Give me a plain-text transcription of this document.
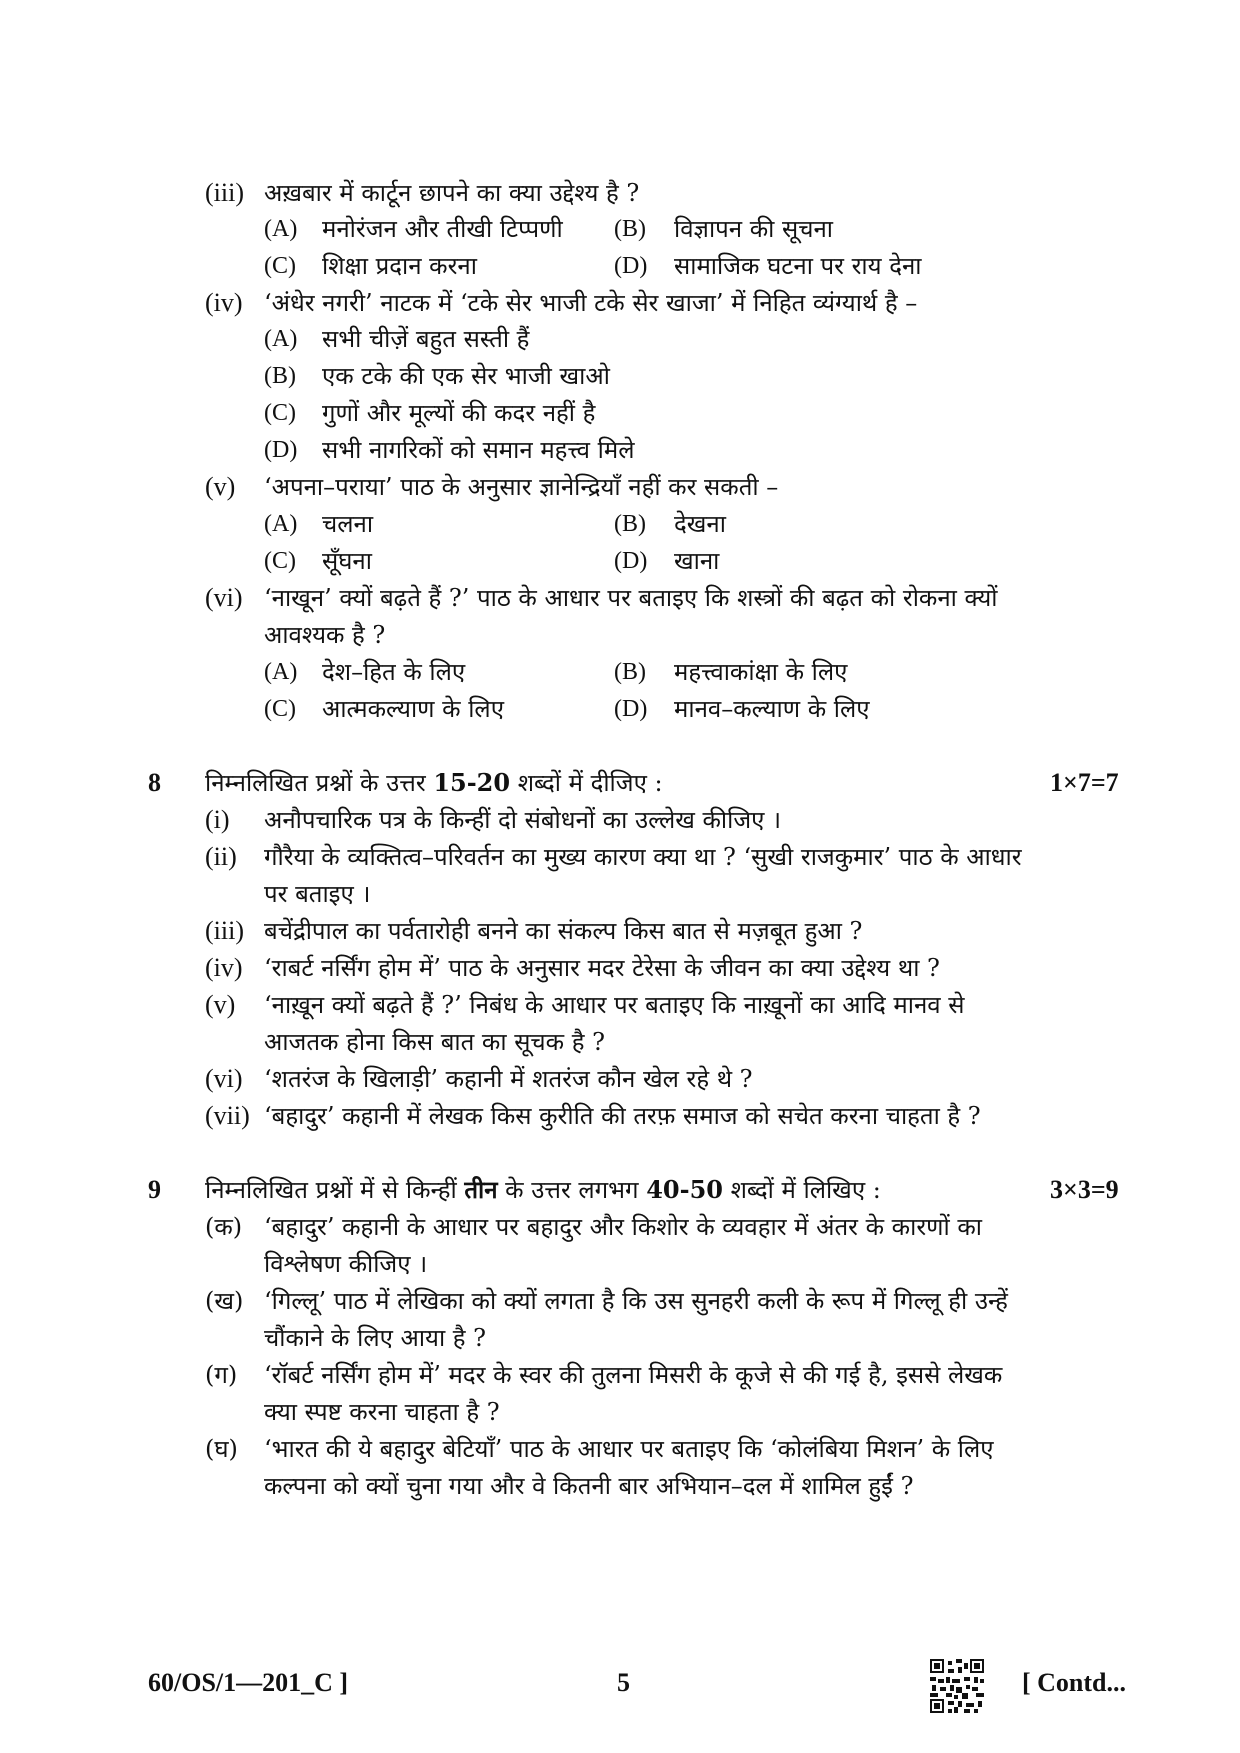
(iii) अख़बार में कार्टून छापने का क्या उद्देश्य है ?
(A) मनोरंजन और तीखी टिप्पणी (B) विज्ञापन की सूचना
(C) शिक्षा प्रदान करना	(D) सामाजिक घटना पर राय देना
(iv) ‘अंधेर नगरी’ नाटक में ‘टके सेर भाजी टके सेर खाजा’ में निहित व्यंग्यार्थ है –
(A) सभी चीज़ें बहुत सस्ती हैं
(B) एक टके की एक सेर भाजी खाओ
(C) गुणों और मूल्यों की कदर नहीं है
(D) सभी नागरिकों को समान महत्त्व मिले
(v) ‘अपना–पराया’ पाठ के अनुसार ज्ञानेन्द्रियाँ नहीं कर सकती –
(A) चलना	(B) देखना
(C) सूँघना	(D) खाना
(vi) ‘नाखून’ क्यों बढ़ते हैं ?’ पाठ के आधार पर बताइए कि शस्त्रों की बढ़त को रोकना क्यों
आवश्यक है ?
(A) देश–हित के लिए	(B) महत्त्वाकांक्षा के लिए
(C) आत्मकल्याण के लिए	(D) मानव–कल्याण के लिए
8 निम्नलिखित प्रश्नों के उत्तर 15-20 शब्दों में दीजिए :	1×7=7
(i) अनौपचारिक पत्र के किन्हीं दो संबोधनों का उल्लेख कीजिए ।
(ii) गौरैया के व्यक्तित्व–परिवर्तन का मुख्य कारण क्या था ? ‘सुखी राजकुमार’ पाठ के आधार
पर बताइए ।
(iii) बचेंद्रीपाल का पर्वतारोही बनने का संकल्प किस बात से मज़बूत हुआ ?
(iv) ‘राबर्ट नर्सिंग होम में’ पाठ के अनुसार मदर टेरेसा के जीवन का क्या उद्देश्य था ?
(v) ‘नाख़ून क्यों बढ़ते हैं ?’ निबंध के आधार पर बताइए कि नाख़ूनों का आदि मानव से
आजतक होना किस बात का सूचक है ?
(vi) ‘शतरंज के खिलाड़ी’ कहानी में शतरंज कौन खेल रहे थे ?
(vii) ‘बहादुर’ कहानी में लेखक किस कुरीति की तरफ़ समाज को सचेत करना चाहता है ?
9 निम्नलिखित प्रश्नों में से किन्हीं तीन के उत्तर लगभग 40-50 शब्दों में लिखिए :	3×3=9
(क) ‘बहादुर’ कहानी के आधार पर बहादुर और किशोर के व्यवहार में अंतर के कारणों का
विश्लेषण कीजिए ।
(ख) ‘गिल्लू’ पाठ में लेखिका को क्यों लगता है कि उस सुनहरी कली के रूप में गिल्लू ही उन्हें
चौंकाने के लिए आया है ?
(ग) ‘रॉबर्ट नर्सिंग होम में’ मदर के स्वर की तुलना मिसरी के कूजे से की गई है, इससे लेखक
क्या स्पष्ट करना चाहता है ?
(घ) ‘भारत की ये बहादुर बेटियाँ’ पाठ के आधार पर बताइए कि ‘कोलंबिया मिशन’ के लिए
कल्पना को क्यों चुना गया और वे कितनी बार अभियान–दल में शामिल हुईं ?
60/OS/1—201_C ]	5	[ Contd...
